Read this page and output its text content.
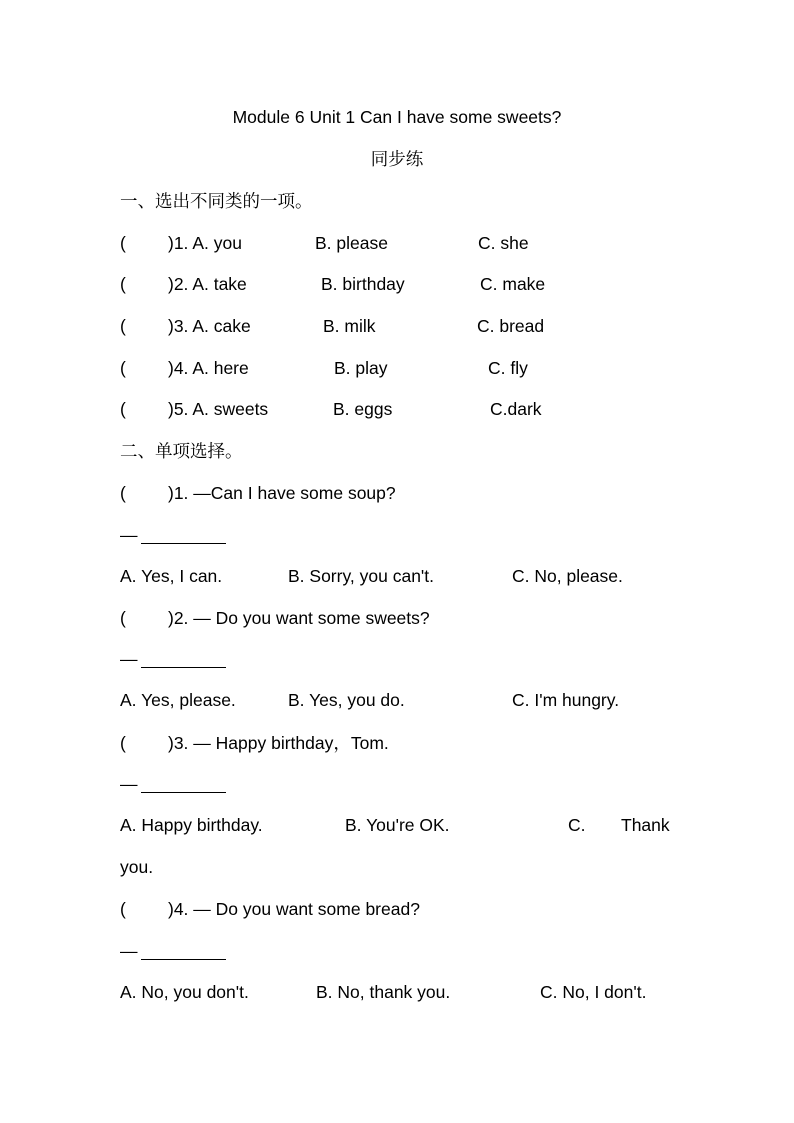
Module 6 Unit 1 Can I have some sweets?
同步练
一、选出不同类的一项。
( )1. A. you	B. please	C. she
( )2. A. take	B. birthday	C. make
( )3. A. cake	B. milk	C. bread
( )4. A. here	B. play	C. fly
( )5. A. sweets	B. eggs	C.dark
二、单项选择。
( )1. —Can I have some soup?
—
A. Yes, I can.	B. Sorry, you can't.	C. No, please.
( )2. — Do you want some sweets?
—
A. Yes, please.	B. Yes, you do.	C. I'm hungry.
( )3. — Happy birthday，Tom.
—
A. Happy birthday.	B. You're OK.	C. Thank
you.
( )4. — Do you want some bread?
—
A. No, you don't.	B. No, thank you.	C. No, I don't.
